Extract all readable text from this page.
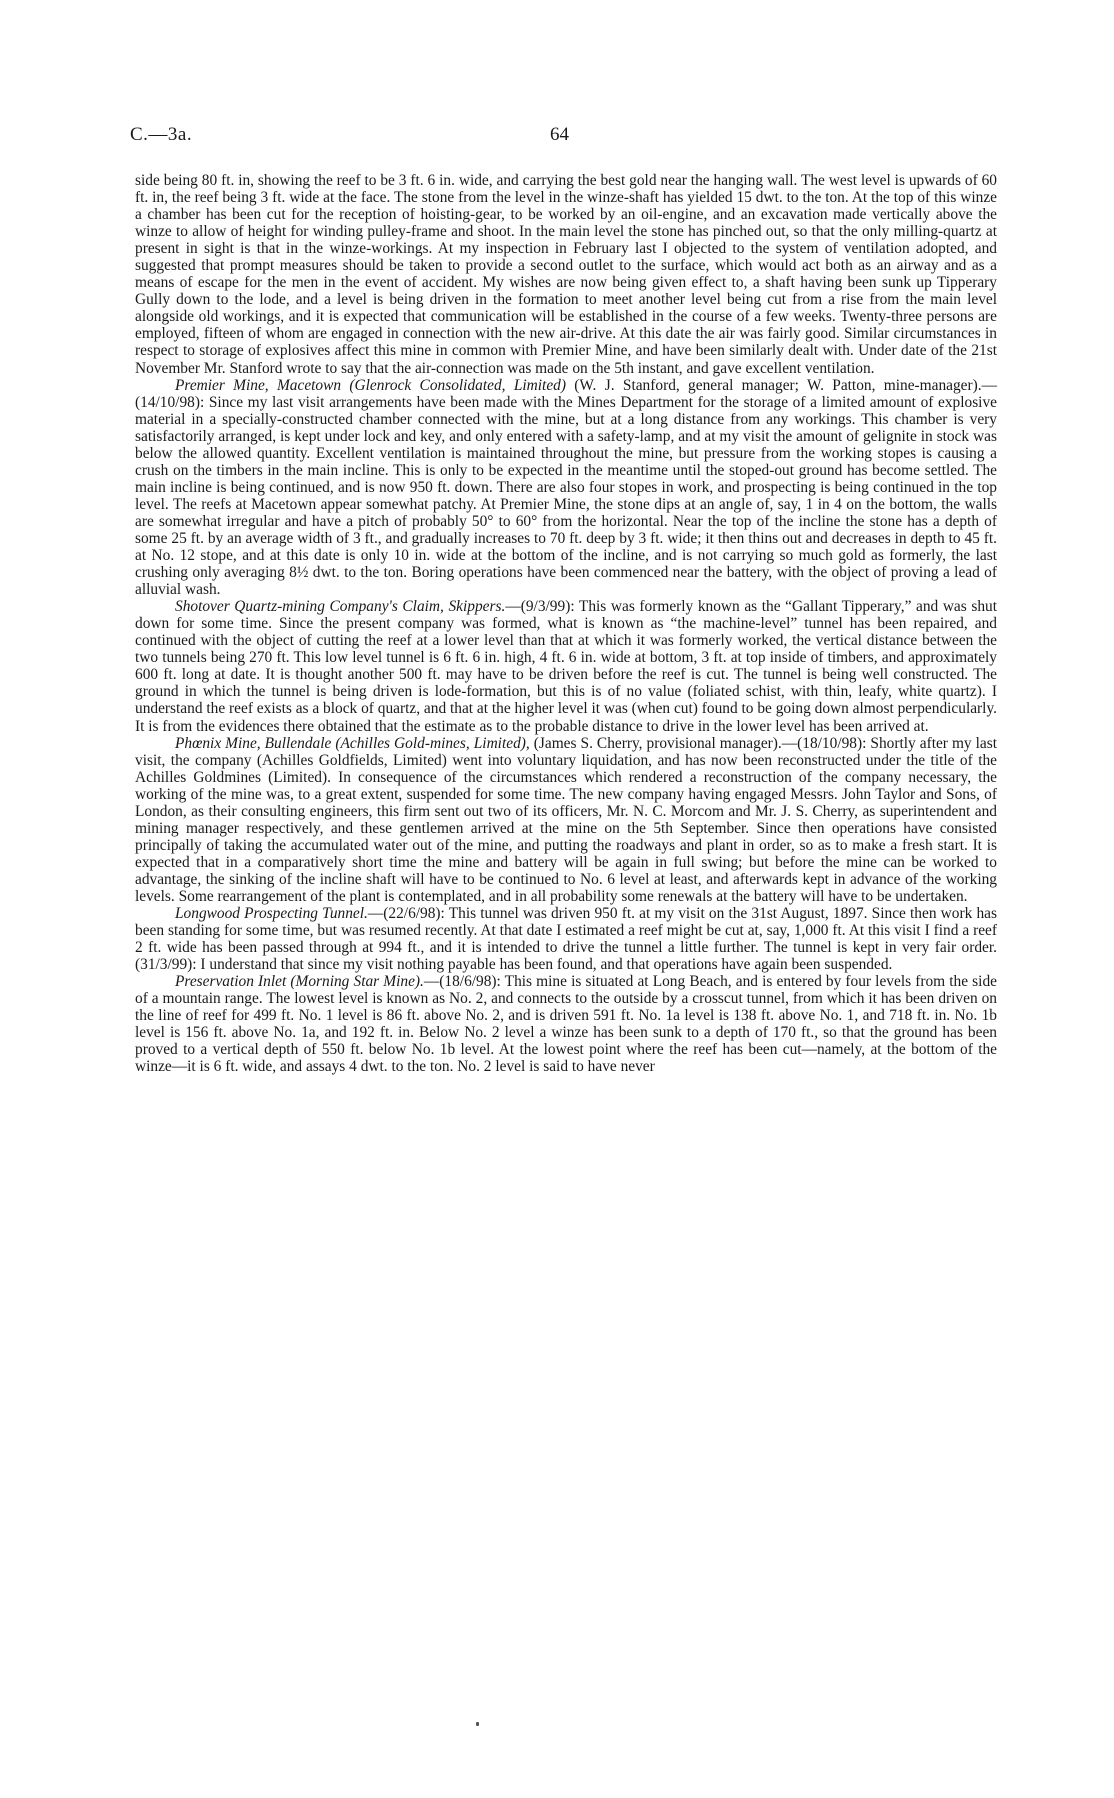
C.—3a.	64

side being 80 ft. in, showing the reef to be 3 ft. 6 in. wide, and carrying the best gold near the hanging wall. The west level is upwards of 60 ft. in, the reef being 3 ft. wide at the face. The stone from the level in the winze-shaft has yielded 15 dwt. to the ton. At the top of this winze a chamber has been cut for the reception of hoisting-gear, to be worked by an oil-engine, and an excavation made vertically above the winze to allow of height for winding pulley-frame and shoot. In the main level the stone has pinched out, so that the only milling-quartz at present in sight is that in the winze-workings. At my inspection in February last I objected to the system of ventilation adopted, and suggested that prompt measures should be taken to provide a second outlet to the surface, which would act both as an airway and as a means of escape for the men in the event of accident. My wishes are now being given effect to, a shaft having been sunk up Tipperary Gully down to the lode, and a level is being driven in the formation to meet another level being cut from a rise from the main level alongside old workings, and it is expected that communication will be established in the course of a few weeks. Twenty-three persons are employed, fifteen of whom are engaged in connection with the new air-drive. At this date the air was fairly good. Similar circumstances in respect to storage of explosives affect this mine in common with Premier Mine, and have been similarly dealt with. Under date of the 21st November Mr. Stanford wrote to say that the air-connection was made on the 5th instant, and gave excellent ventilation.

Premier Mine, Macetown (Glenrock Consolidated, Limited) (W. J. Stanford, general manager; W. Patton, mine-manager).—(14/10/98): Since my last visit arrangements have been made with the Mines Department for the storage of a limited amount of explosive material in a specially-constructed chamber connected with the mine, but at a long distance from any workings. This chamber is very satisfactorily arranged, is kept under lock and key, and only entered with a safety-lamp, and at my visit the amount of gelignite in stock was below the allowed quantity. Excellent ventilation is maintained throughout the mine, but pressure from the working stopes is causing a crush on the timbers in the main incline. This is only to be expected in the meantime until the stoped-out ground has become settled. The main incline is being continued, and is now 950 ft. down. There are also four stopes in work, and prospecting is being continued in the top level. The reefs at Macetown appear somewhat patchy. At Premier Mine, the stone dips at an angle of, say, 1 in 4 on the bottom, the walls are somewhat irregular and have a pitch of probably 50° to 60° from the horizontal. Near the top of the incline the stone has a depth of some 25 ft. by an average width of 3 ft., and gradually increases to 70 ft. deep by 3 ft. wide; it then thins out and decreases in depth to 45 ft. at No. 12 stope, and at this date is only 10 in. wide at the bottom of the incline, and is not carrying so much gold as formerly, the last crushing only averaging 8½ dwt. to the ton. Boring operations have been commenced near the battery, with the object of proving a lead of alluvial wash.

Shotover Quartz-mining Company's Claim, Skippers.—(9/3/99): This was formerly known as the “Gallant Tipperary,” and was shut down for some time. Since the present company was formed, what is known as “the machine-level” tunnel has been repaired, and continued with the object of cutting the reef at a lower level than that at which it was formerly worked, the vertical distance between the two tunnels being 270 ft. This low level tunnel is 6 ft. 6 in. high, 4 ft. 6 in. wide at bottom, 3 ft. at top inside of timbers, and approximately 600 ft. long at date. It is thought another 500 ft. may have to be driven before the reef is cut. The tunnel is being well constructed. The ground in which the tunnel is being driven is lode-formation, but this is of no value (foliated schist, with thin, leafy, white quartz). I understand the reef exists as a block of quartz, and that at the higher level it was (when cut) found to be going down almost perpendicularly. It is from the evidences there obtained that the estimate as to the probable distance to drive in the lower level has been arrived at.

Phœnix Mine, Bullendale (Achilles Gold-mines, Limited), (James S. Cherry, provisional manager).—(18/10/98): Shortly after my last visit, the company (Achilles Goldfields, Limited) went into voluntary liquidation, and has now been reconstructed under the title of the Achilles Goldmines (Limited). In consequence of the circumstances which rendered a reconstruction of the company necessary, the working of the mine was, to a great extent, suspended for some time. The new company having engaged Messrs. John Taylor and Sons, of London, as their consulting engineers, this firm sent out two of its officers, Mr. N. C. Morcom and Mr. J. S. Cherry, as superintendent and mining manager respectively, and these gentlemen arrived at the mine on the 5th September. Since then operations have consisted principally of taking the accumulated water out of the mine, and putting the roadways and plant in order, so as to make a fresh start. It is expected that in a comparatively short time the mine and battery will be again in full swing; but before the mine can be worked to advantage, the sinking of the incline shaft will have to be continued to No. 6 level at least, and afterwards kept in advance of the working levels. Some rearrangement of the plant is contemplated, and in all probability some renewals at the battery will have to be undertaken.

Longwood Prospecting Tunnel.—(22/6/98): This tunnel was driven 950 ft. at my visit on the 31st August, 1897. Since then work has been standing for some time, but was resumed recently. At that date I estimated a reef might be cut at, say, 1,000 ft. At this visit I find a reef 2 ft. wide has been passed through at 994 ft., and it is intended to drive the tunnel a little further. The tunnel is kept in very fair order. (31/3/99): I understand that since my visit nothing payable has been found, and that operations have again been suspended.

Preservation Inlet (Morning Star Mine).—(18/6/98): This mine is situated at Long Beach, and is entered by four levels from the side of a mountain range. The lowest level is known as No. 2, and connects to the outside by a crosscut tunnel, from which it has been driven on the line of reef for 499 ft. No. 1 level is 86 ft. above No. 2, and is driven 591 ft. No. 1a level is 138 ft. above No. 1, and 718 ft. in. No. 1b level is 156 ft. above No. 1a, and 192 ft. in. Below No. 2 level a winze has been sunk to a depth of 170 ft., so that the ground has been proved to a vertical depth of 550 ft. below No. 1b level. At the lowest point where the reef has been cut—namely, at the bottom of the winze—it is 6 ft. wide, and assays 4 dwt. to the ton. No. 2 level is said to have never
